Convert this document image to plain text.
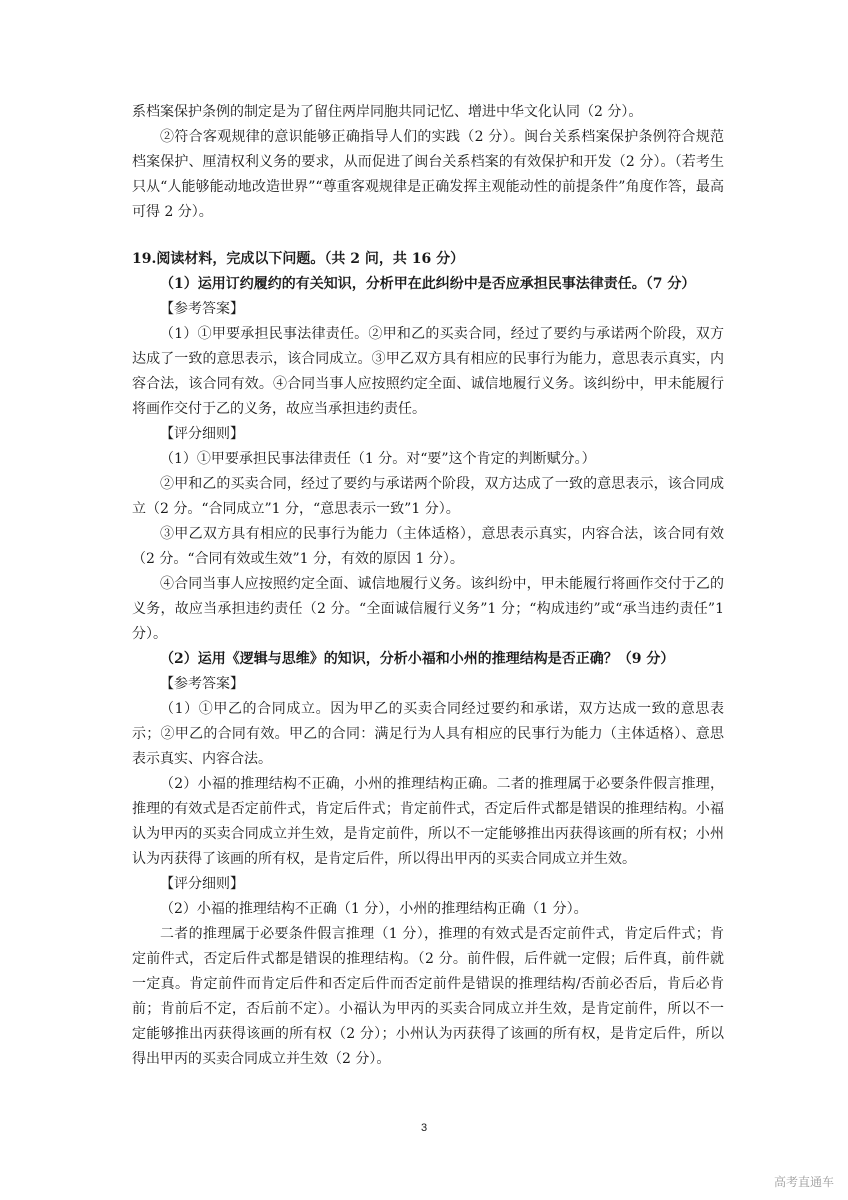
系档案保护条例的制定是为了留住两岸同胞共同记忆、增进中华文化认同（2 分）。

②符合客观规律的意识能够正确指导人们的实践（2 分）。闽台关系档案保护条例符合规范档案保护、厘清权利义务的要求，从而促进了闽台关系档案的有效保护和开发（2 分）。（若考生只从“人能够能动地改造世界”“尊重客观规律是正确发挥主观能动性的前提条件”角度作答，最高可得 2 分）。

19.阅读材料，完成以下问题。（共 2 问，共 16 分）

（1）运用订约履约的有关知识，分析甲在此纠纷中是否应承担民事法律责任。（7 分）

【参考答案】

（1）①甲要承担民事法律责任。②甲和乙的买卖合同，经过了要约与承诺两个阶段，双方达成了一致的意思表示，该合同成立。③甲乙双方具有相应的民事行为能力，意思表示真实，内容合法，该合同有效。④合同当事人应按照约定全面、诚信地履行义务。该纠纷中，甲未能履行将画作交付于乙的义务，故应当承担违约责任。

【评分细则】

（1）①甲要承担民事法律责任（1 分。对“要”这个肯定的判断赋分。）

②甲和乙的买卖合同，经过了要约与承诺两个阶段，双方达成了一致的意思表示，该合同成立（2 分。“合同成立”1 分，“意思表示一致”1 分）。

③甲乙双方具有相应的民事行为能力（主体适格），意思表示真实，内容合法，该合同有效（2 分。“合同有效或生效”1 分，有效的原因 1 分）。

④合同当事人应按照约定全面、诚信地履行义务。该纠纷中，甲未能履行将画作交付于乙的义务，故应当承担违约责任（2 分。“全面诚信履行义务”1 分；“构成违约”或“承当违约责任”1 分）。

（2）运用《逻辑与思维》的知识，分析小福和小州的推理结构是否正确？（9 分）

【参考答案】

（1）①甲乙的合同成立。因为甲乙的买卖合同经过要约和承诺，双方达成一致的意思表示；②甲乙的合同有效。甲乙的合同：满足行为人具有相应的民事行为能力（主体适格）、意思表示真实、内容合法。

（2）小福的推理结构不正确，小州的推理结构正确。二者的推理属于必要条件假言推理，推理的有效式是否定前件式，肯定后件式；肯定前件式，否定后件式都是错误的推理结构。小福认为甲丙的买卖合同成立并生效，是肯定前件，所以不一定能够推出丙获得该画的所有权；小州认为丙获得了该画的所有权，是肯定后件，所以得出甲丙的买卖合同成立并生效。

【评分细则】

（2）小福的推理结构不正确（1 分），小州的推理结构正确（1 分）。

二者的推理属于必要条件假言推理（1 分），推理的有效式是否定前件式，肯定后件式；肯定前件式，否定后件式都是错误的推理结构。（2 分。前件假，后件就一定假；后件真，前件就一定真。肯定前件而肯定后件和否定后件而否定前件是错误的推理结构/否前必否后，肯后必肯前；肯前后不定，否后前不定）。小福认为甲丙的买卖合同成立并生效，是肯定前件，所以不一定能够推出丙获得该画的所有权（2 分）；小州认为丙获得了该画的所有权，是肯定后件，所以得出甲丙的买卖合同成立并生效（2 分）。

3
高考直通车
